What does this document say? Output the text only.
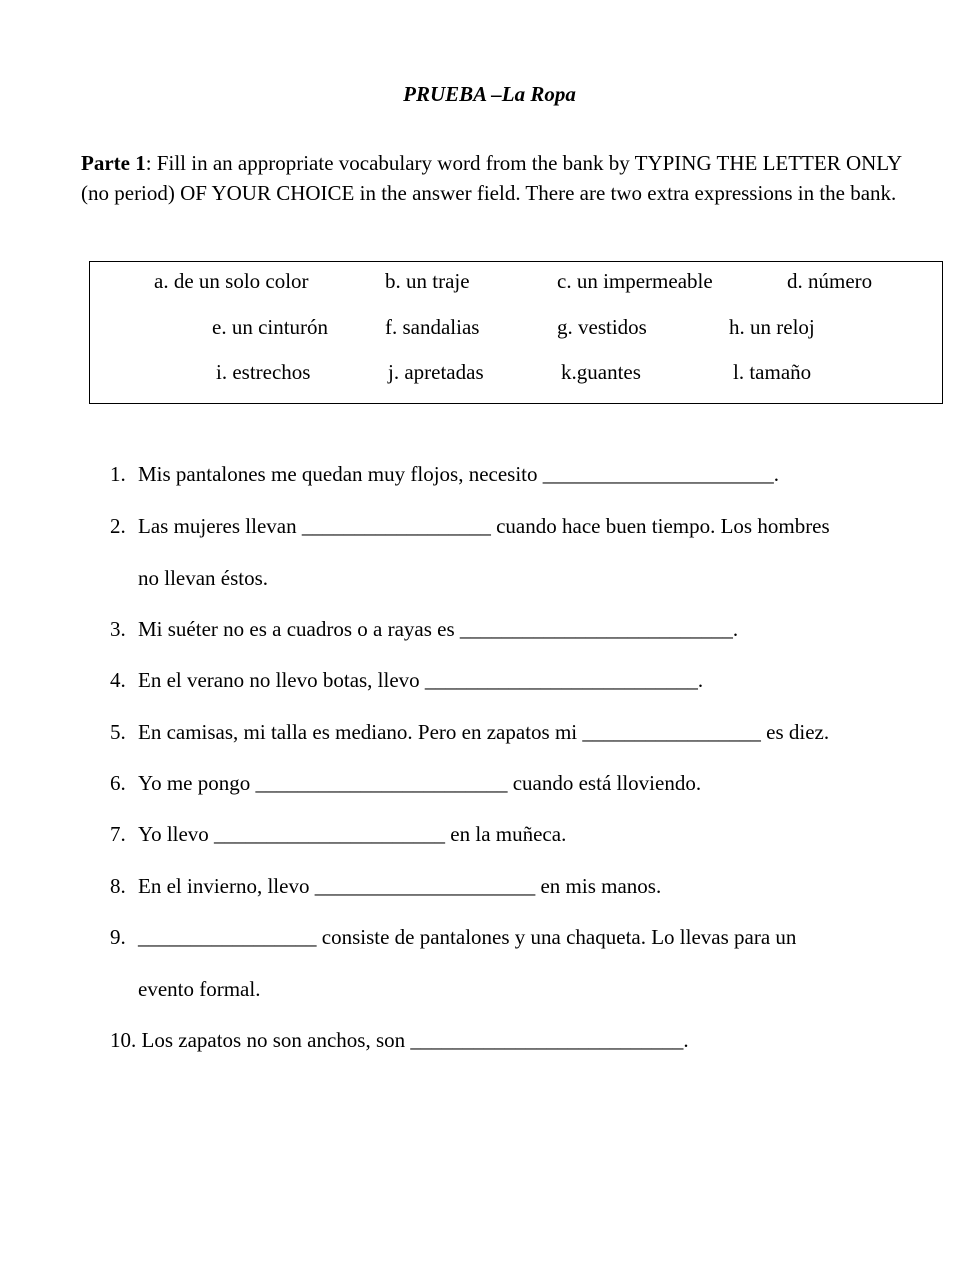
PRUEBA –La Ropa
Parte 1: Fill in an appropriate vocabulary word from the bank by TYPING THE LETTER ONLY (no period) OF YOUR CHOICE in the answer field. There are two extra expressions in the bank.
a. de un solo color	b. un traje	c. un impermeable	d. número
e. un cinturón	f. sandalias	g. vestidos	h. un reloj
i. estrechos	j. apretadas	k.guantes	l. tamaño
1. Mis pantalones me quedan muy flojos, necesito ______________________.
2. Las mujeres llevan __________________ cuando hace buen tiempo. Los hombres
no llevan éstos.
3. Mi suéter no es a cuadros o a rayas es __________________________.
4. En el verano no llevo botas, llevo __________________________.
5. En camisas, mi talla es mediano. Pero en zapatos mi _________________ es diez.
6. Yo me pongo ________________________ cuando está lloviendo.
7. Yo llevo ______________________ en la muñeca.
8. En el invierno, llevo _____________________ en mis manos.
9. _________________ consiste de pantalones y una chaqueta. Lo llevas para un
evento formal.
10. Los zapatos no son anchos, son __________________________.
